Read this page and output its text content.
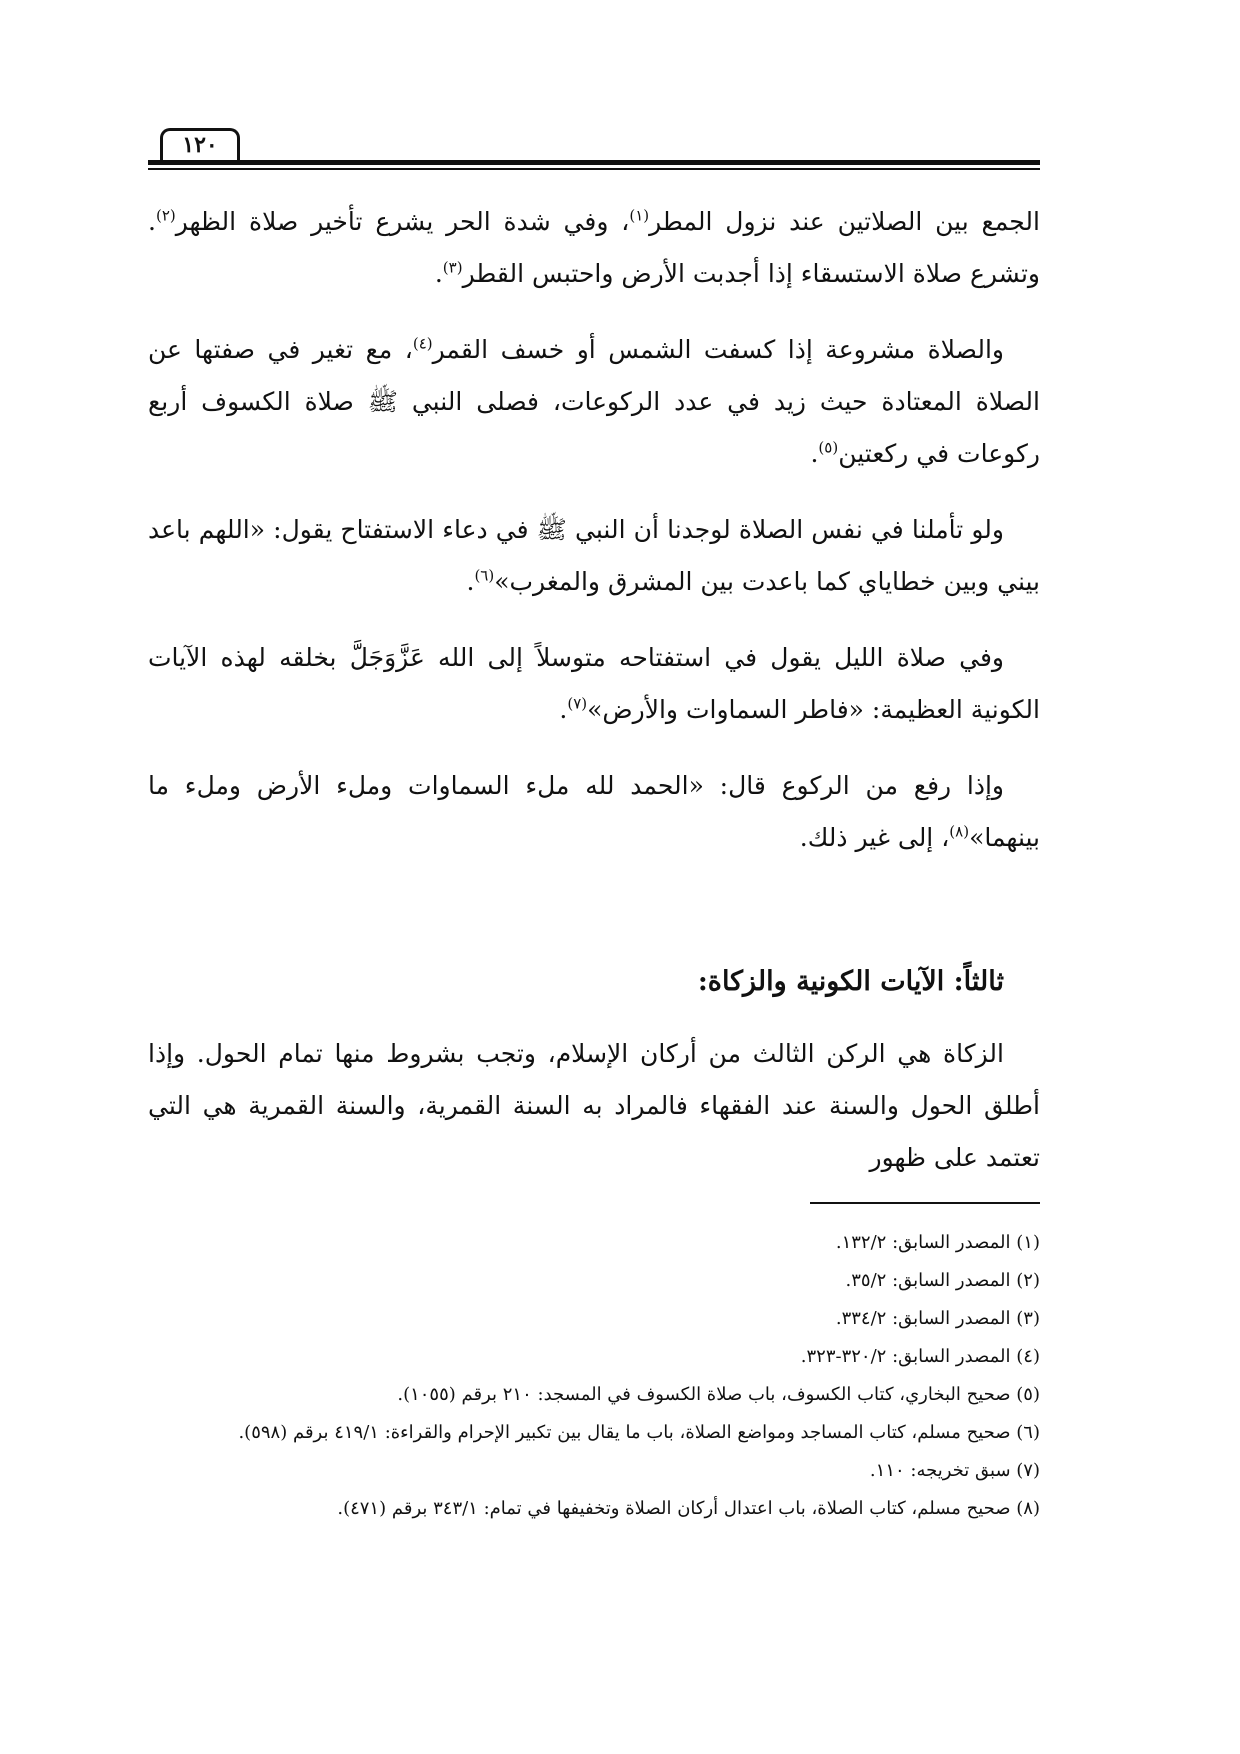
١٢٠

الجمع بين الصلاتين عند نزول المطر$^{(١)}$، وفي شدة الحر يشرع تأخير صلاة الظهر$^{(٢)}$. وتشرع صلاة الاستسقاء إذا أجدبت الأرض واحتبس القطر$^{(٣)}$.

والصلاة مشروعة إذا كسفت الشمس أو خسف القمر$^{(٤)}$، مع تغير في صفتها عن الصلاة المعتادة حيث زيد في عدد الركوعات، فصلى النبي ﷺ صلاة الكسوف أربع ركوعات في ركعتين$^{(٥)}$.

ولو تأملنا في نفس الصلاة لوجدنا أن النبي ﷺ في دعاء الاستفتاح يقول: «اللهم باعد بيني وبين خطاياي كما باعدت بين المشرق والمغرب»$^{(٦)}$.

وفي صلاة الليل يقول في استفتاحه متوسلاً إلى الله عَزَّوَجَلَّ بخلقه لهذه الآيات الكونية العظيمة: «فاطر السماوات والأرض»$^{(٧)}$.

وإذا رفع من الركوع قال: «الحمد لله ملء السماوات وملء الأرض وملء ما بينهما»$^{(٨)}$، إلى غير ذلك.

ثالثاً: الآيات الكونية والزكاة:

الزكاة هي الركن الثالث من أركان الإسلام، وتجب بشروط منها تمام الحول. وإذا أطلق الحول والسنة عند الفقهاء فالمراد به السنة القمرية، والسنة القمرية هي التي تعتمد على ظهور

(١) المصدر السابق: ١٣٢/٢.

(٢) المصدر السابق: ٣٥/٢.

(٣) المصدر السابق: ٣٣٤/٢.

(٤) المصدر السابق: ٣٢٠/٢-٣٢٣.

(٥) صحيح البخاري، كتاب الكسوف، باب صلاة الكسوف في المسجد: ٢١٠ برقم (١٠٥٥).

(٦) صحيح مسلم، كتاب المساجد ومواضع الصلاة، باب ما يقال بين تكبير الإحرام والقراءة: ٤١٩/١ برقم (٥٩٨).

(٧) سبق تخريجه: ١١٠.

(٨) صحيح مسلم، كتاب الصلاة، باب اعتدال أركان الصلاة وتخفيفها في تمام: ٣٤٣/١ برقم (٤٧١).
